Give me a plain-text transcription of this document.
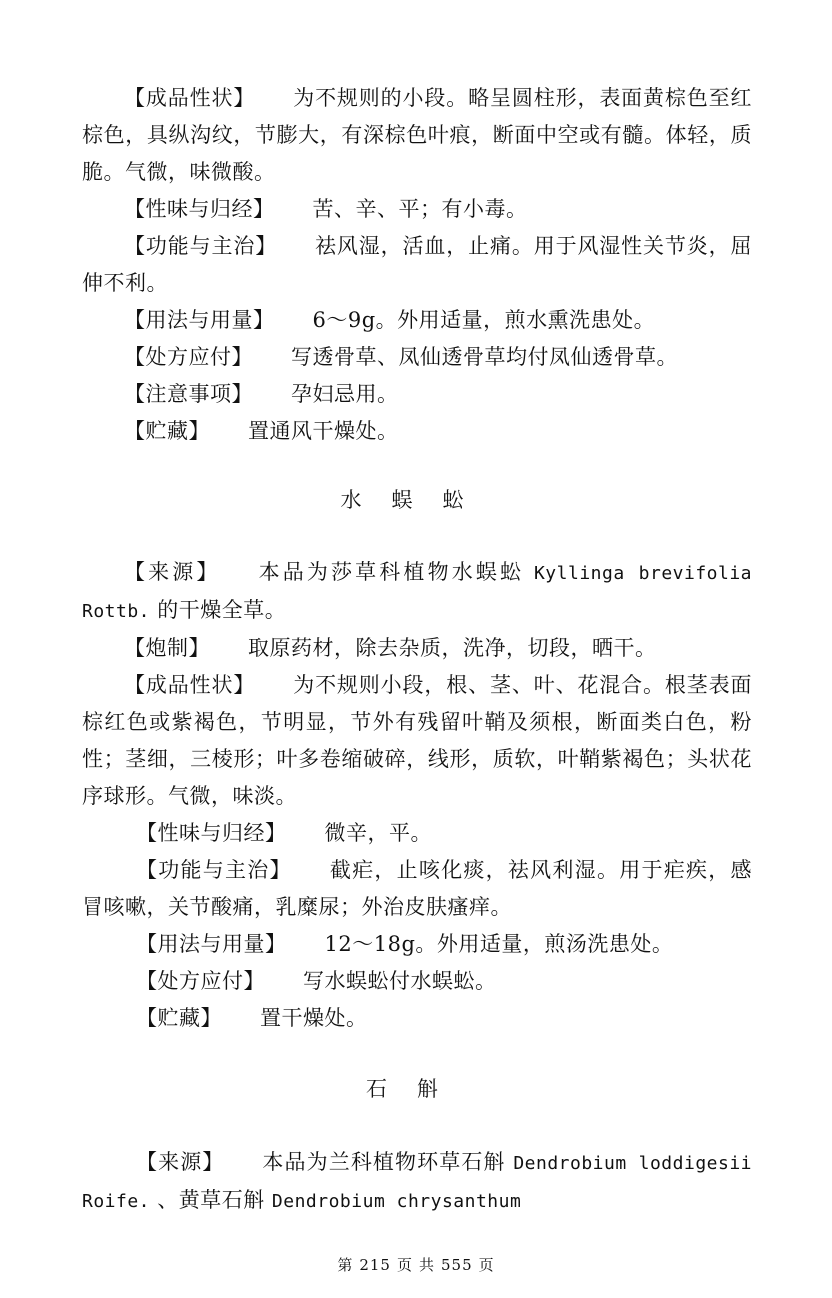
【成品性状】 为不规则的小段。略呈圆柱形，表面黄棕色至红棕色，具纵沟纹，节膨大，有深棕色叶痕，断面中空或有髓。体轻，质脆。气微，味微酸。

【性味与归经】 苦、辛、平；有小毒。

【功能与主治】 祛风湿，活血，止痛。用于风湿性关节炎，屈伸不利。

【用法与用量】 6～9g。外用适量，煎水熏洗患处。

【处方应付】 写透骨草、凤仙透骨草均付凤仙透骨草。

【注意事项】 孕妇忌用。

【贮藏】 置通风干燥处。

水蜈蚣

【来源】 本品为莎草科植物水蜈蚣 Kyllinga brevifolia Rottb. 的干燥全草。

【炮制】 取原药材，除去杂质，洗净，切段，晒干。

【成品性状】 为不规则小段，根、茎、叶、花混合。根茎表面棕红色或紫褐色，节明显，节外有残留叶鞘及须根，断面类白色，粉性；茎细，三棱形；叶多卷缩破碎，线形，质软，叶鞘紫褐色；头状花序球形。气微，味淡。

【性味与归经】 微辛，平。

【功能与主治】 截疟，止咳化痰，祛风利湿。用于疟疾，感冒咳嗽，关节酸痛，乳糜尿；外治皮肤瘙痒。

【用法与用量】 12～18g。外用适量，煎汤洗患处。

【处方应付】 写水蜈蚣付水蜈蚣。

【贮藏】 置干燥处。

石斛

【来源】 本品为兰科植物环草石斛 Dendrobium loddigesii Roife. 、黄草石斛 Dendrobium chrysanthum

第 215 页 共 555 页
